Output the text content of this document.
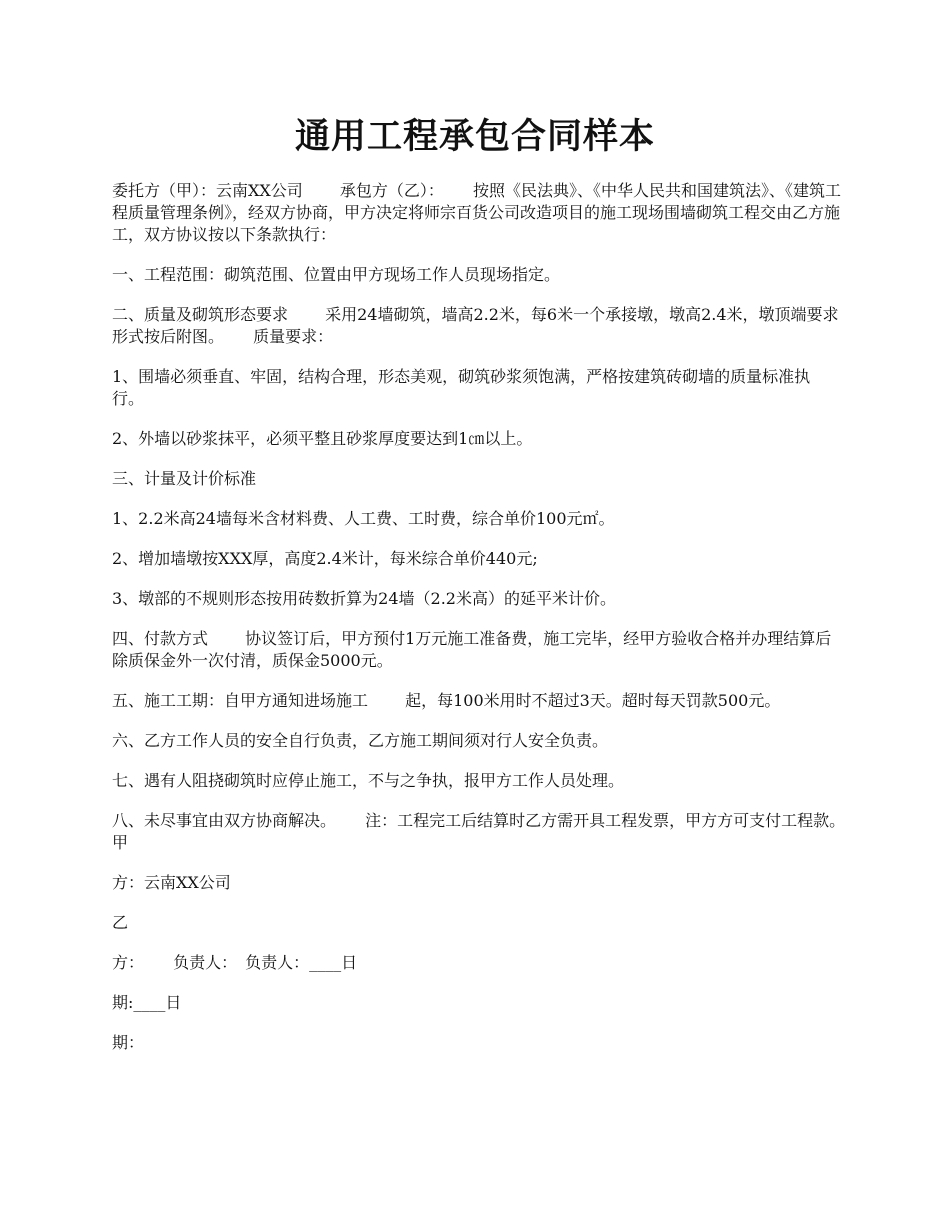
通用工程承包合同样本

委托方（甲）：云南XX公司　　 承包方（乙）：　　 按照《民法典》、《中华人民共和国建筑法》、《建筑工程质量管理条例》，经双方协商，甲方决定将师宗百货公司改造项目的施工现场围墙砌筑工程交由乙方施工，双方协议按以下条款执行：

一、工程范围：砌筑范围、位置由甲方现场工作人员现场指定。

二、质量及砌筑形态要求　　 采用24墙砌筑，墙高2.2米，每6米一个承接墩，墩高2.4米，墩顶端要求形式按后附图。　　 质量要求：

1、围墙必须垂直、牢固，结构合理，形态美观，砌筑砂浆须饱满，严格按建筑砖砌墙的质量标准执行。

2、外墙以砂浆抹平，必须平整且砂浆厚度要达到1㎝以上。

三、计量及计价标准

1、2.2米高24墙每米含材料费、人工费、工时费，综合单价100元㎡。

2、增加墙墩按XXX厚，高度2.4米计，每米综合单价440元;

3、墩部的不规则形态按用砖数折算为24墙（2.2米高）的延平米计价。

四、付款方式　　 协议签订后，甲方预付1万元施工准备费，施工完毕，经甲方验收合格并办理结算后除质保金外一次付清，质保金5000元。

五、施工工期：自甲方通知进场施工　　 起，每100米用时不超过3天。超时每天罚款500元。

六、乙方工作人员的安全自行负责，乙方施工期间须对行人安全负责。

七、遇有人阻挠砌筑时应停止施工，不与之争执，报甲方工作人员处理。

八、未尽事宜由双方协商解决。　　 注：工程完工后结算时乙方需开具工程发票，甲方方可支付工程款。　　 甲

方：云南XX公司

乙

方：　　 负责人：　负责人：____日

期:____日

期：
